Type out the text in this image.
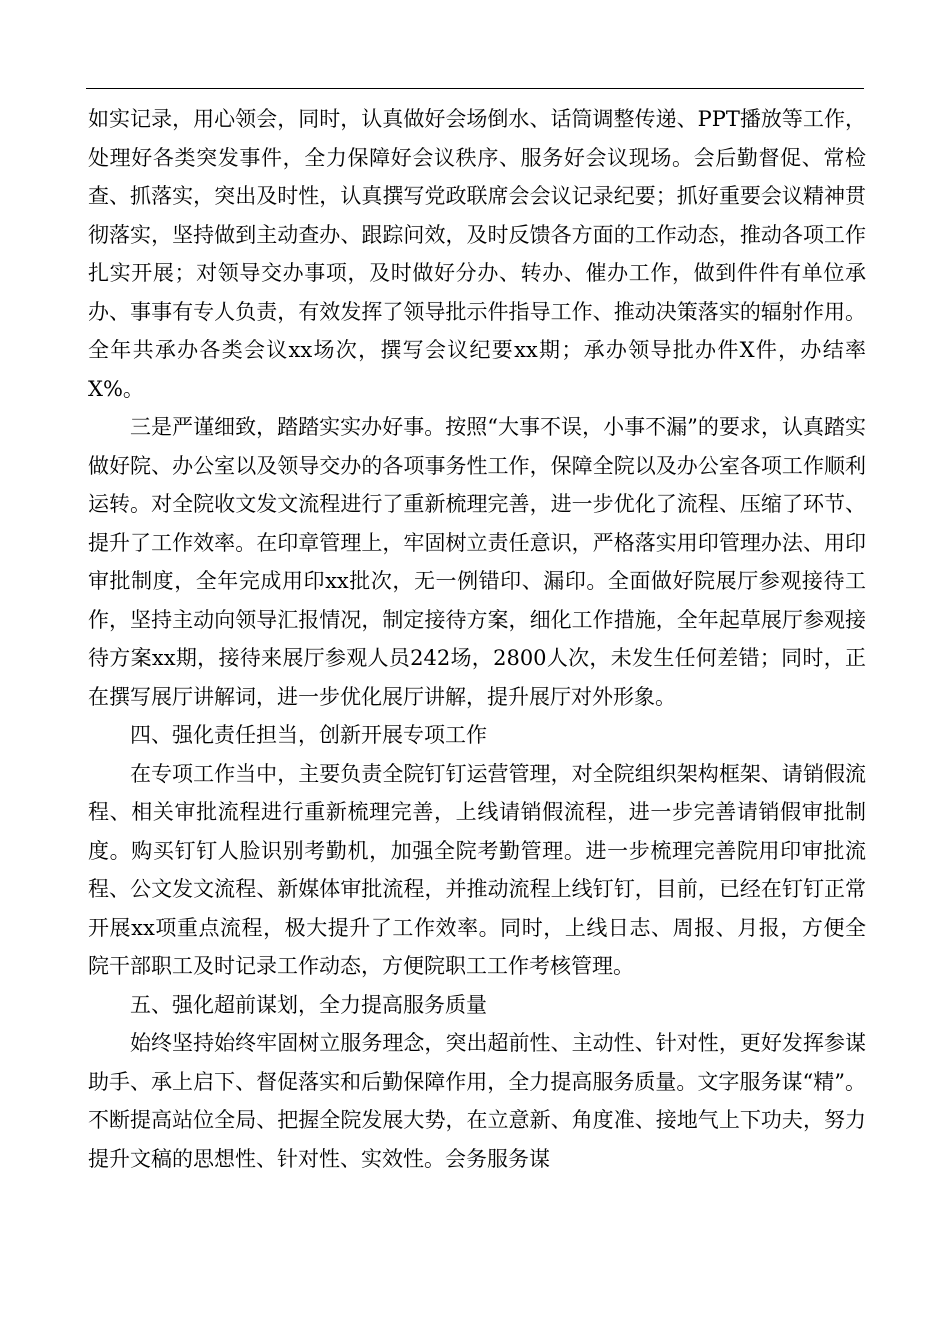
如实记录，用心领会，同时，认真做好会场倒水、话筒调整传递、PPT播放等工作，处理好各类突发事件，全力保障好会议秩序、服务好会议现场。会后勤督促、常检查、抓落实，突出及时性，认真撰写党政联席会会议记录纪要；抓好重要会议精神贯彻落实，坚持做到主动查办、跟踪问效，及时反馈各方面的工作动态，推动各项工作扎实开展；对领导交办事项，及时做好分办、转办、催办工作，做到件件有单位承办、事事有专人负责，有效发挥了领导批示件指导工作、推动决策落实的辐射作用。全年共承办各类会议xx场次，撰写会议纪要xx期；承办领导批办件X件，办结率X%。

三是严谨细致，踏踏实实办好事。按照“大事不误，小事不漏”的要求，认真踏实做好院、办公室以及领导交办的各项事务性工作，保障全院以及办公室各项工作顺利运转。对全院收文发文流程进行了重新梳理完善，进一步优化了流程、压缩了环节、提升了工作效率。在印章管理上，牢固树立责任意识，严格落实用印管理办法、用印审批制度，全年完成用印xx批次，无一例错印、漏印。全面做好院展厅参观接待工作，坚持主动向领导汇报情况，制定接待方案，细化工作措施，全年起草展厅参观接待方案xx期，接待来展厅参观人员242场，2800人次，未发生任何差错；同时，正在撰写展厅讲解词，进一步优化展厅讲解，提升展厅对外形象。

四、强化责任担当，创新开展专项工作

在专项工作当中，主要负责全院钉钉运营管理，对全院组织架构框架、请销假流程、相关审批流程进行重新梳理完善，上线请销假流程，进一步完善请销假审批制度。购买钉钉人脸识别考勤机，加强全院考勤管理。进一步梳理完善院用印审批流程、公文发文流程、新媒体审批流程，并推动流程上线钉钉，目前，已经在钉钉正常开展xx项重点流程，极大提升了工作效率。同时，上线日志、周报、月报，方便全院干部职工及时记录工作动态，方便院职工工作考核管理。

五、强化超前谋划，全力提高服务质量

始终坚持始终牢固树立服务理念，突出超前性、主动性、针对性，更好发挥参谋助手、承上启下、督促落实和后勤保障作用，全力提高服务质量。文字服务谋“精”。不断提高站位全局、把握全院发展大势，在立意新、角度准、接地气上下功夫，努力提升文稿的思想性、针对性、实效性。会务服务谋
